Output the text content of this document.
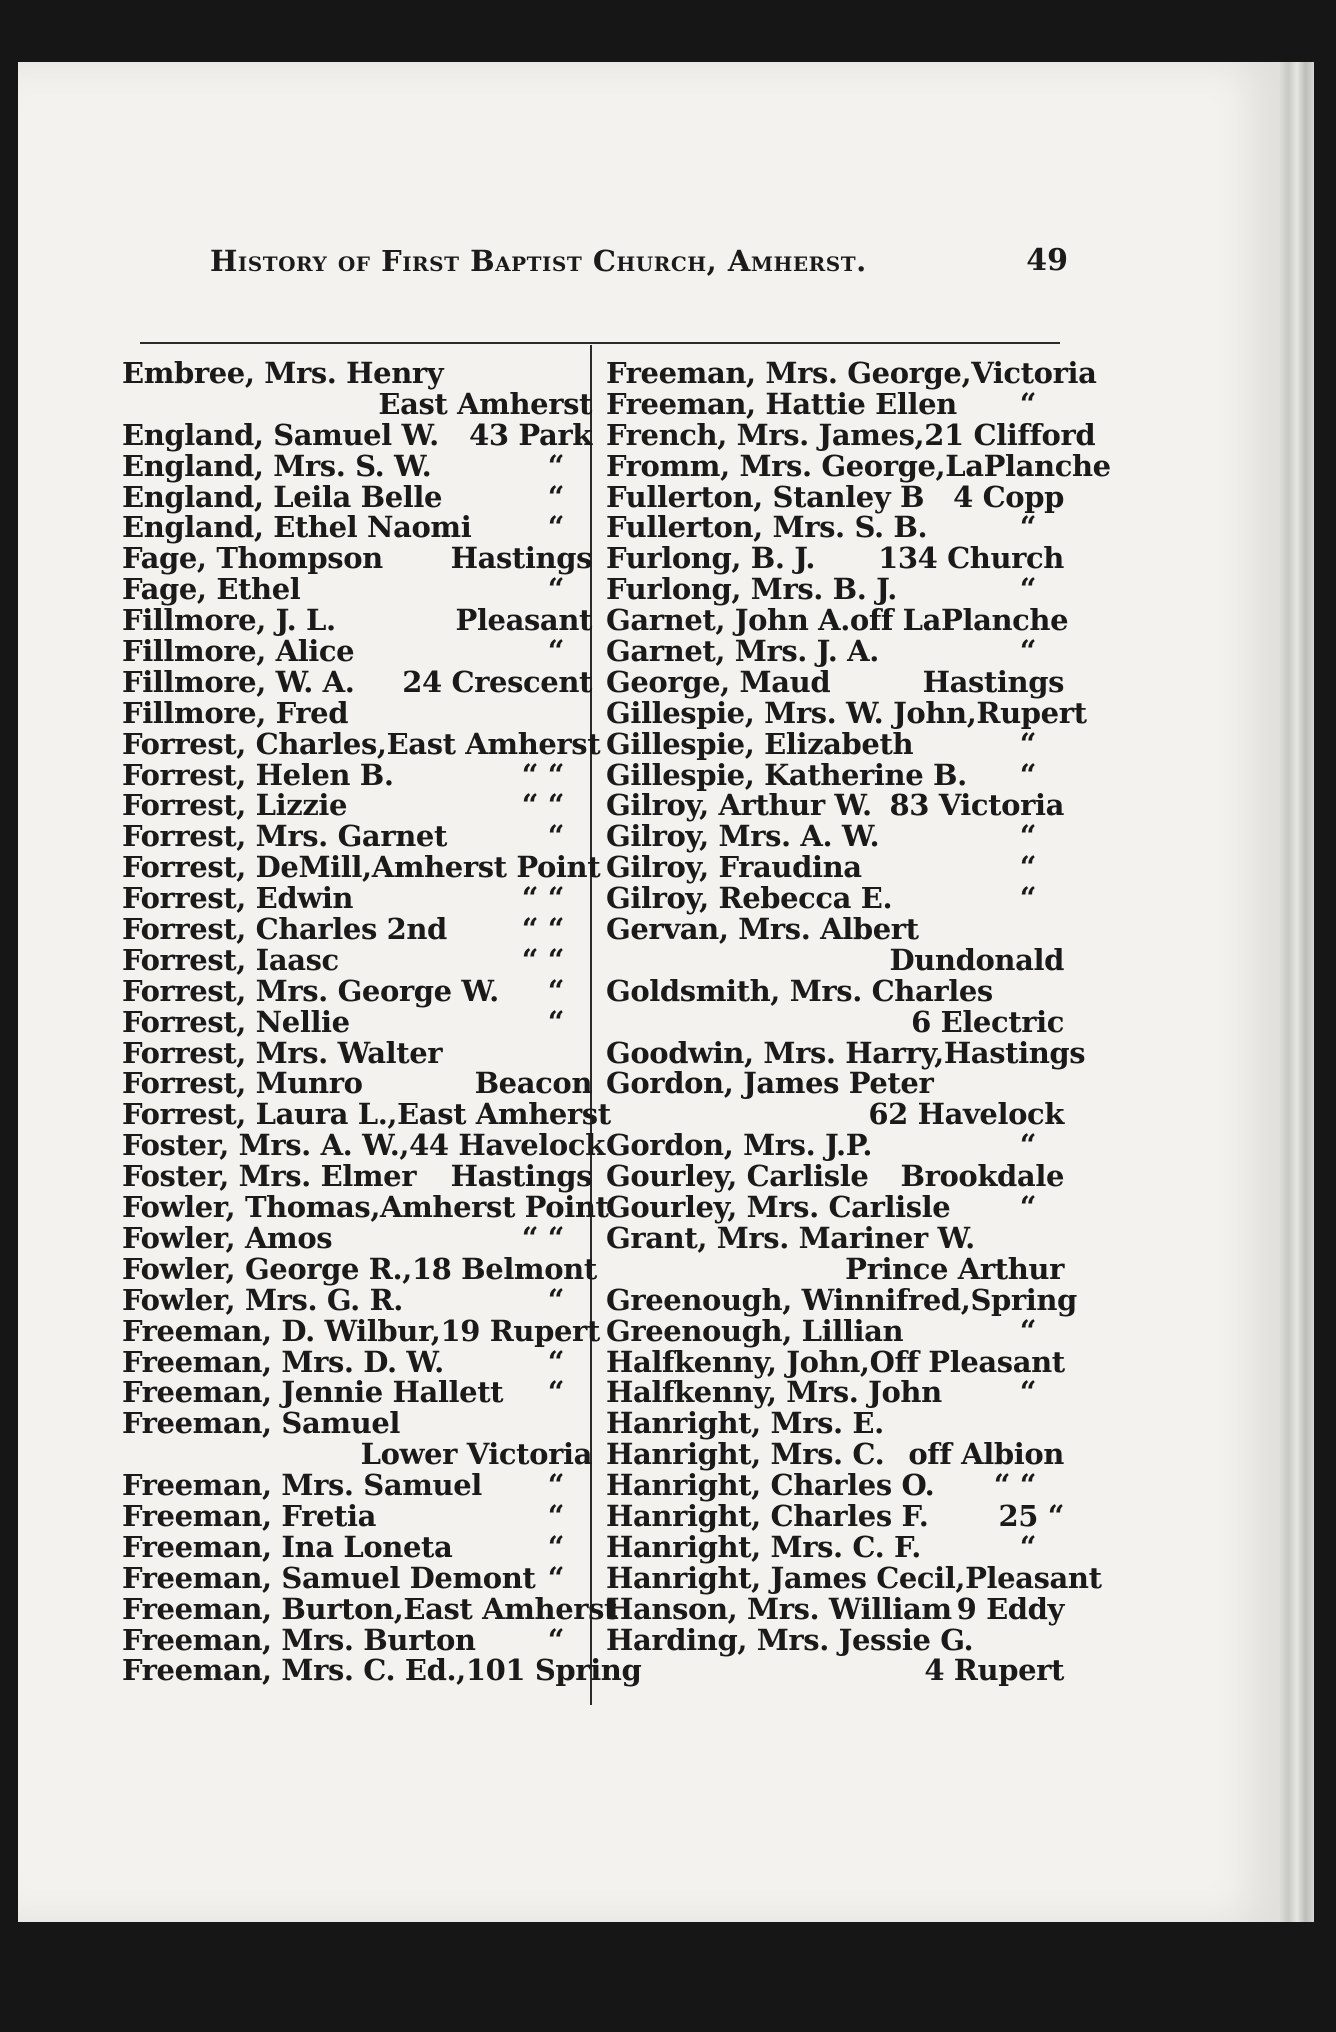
History of First Baptist Church, Amherst.	49
Embree, Mrs. Henry
East Amherst
England, Samuel W. 43 Park
England, Mrs. S. W.	“
England, Leila Belle	“
England, Ethel Naomi	“
Fage, Thompson Hastings
Fage, Ethel	“
Fillmore, J. L.	Pleasant
Fillmore, Alice	“
Fillmore, W. A. 24 Crescent
Fillmore, Fred
Forrest, Charles, East Amherst
Forrest, Helen B.	“ “
Forrest, Lizzie	“ “
Forrest, Mrs. Garnet	“
Forrest, DeMill, Amherst Point
Forrest, Edwin	“ “
Forrest, Charles 2nd	“ “
Forrest, Iaasc	“ “
Forrest, Mrs. George W. “
Forrest, Nellie	“
Forrest, Mrs. Walter
Forrest, Munro	Beacon
Forrest, Laura L., East Amherst
Foster, Mrs. A. W., 44 Havelock
Foster, Mrs. Elmer Hastings
Fowler, Thomas, Amherst Point
Fowler, Amos	“ “
Fowler, George R., 18 Belmont
Fowler, Mrs. G. R.	“
Freeman, D. Wilbur, 19 Rupert
Freeman, Mrs. D. W.	“
Freeman, Jennie Hallett “
Freeman, Samuel
Lower Victoria
Freeman, Mrs. Samuel “
Freeman, Fretia	“
Freeman, Ina Loneta	“
Freeman, Samuel Demont “
Freeman, Burton, East Amherst
Freeman, Mrs. Burton “
Freeman, Mrs. C. Ed., 101 Spring
Freeman, Mrs. George, Victoria
Freeman, Hattie Ellen “
French, Mrs. James, 21 Clifford
Fromm, Mrs. George, LaPlanche
Fullerton, Stanley B 4 Copp
Fullerton, Mrs. S. B.	“
Furlong, B. J. 134 Church
Furlong, Mrs. B. J.	“
Garnet, John A. off LaPlanche
Garnet, Mrs. J. A.	“
George, Maud	Hastings
Gillespie, Mrs. W. John, Rupert
Gillespie, Elizabeth	“
Gillespie, Katherine B. “
Gilroy, Arthur W. 83 Victoria
Gilroy, Mrs. A. W.	“
Gilroy, Fraudina	“
Gilroy, Rebecca E.	“
Gervan, Mrs. Albert
Dundonald
Goldsmith, Mrs. Charles
6 Electric
Goodwin, Mrs. Harry, Hastings
Gordon, James Peter
62 Havelock
Gordon, Mrs. J.P.	“
Gourley, Carlisle Brookdale
Gourley, Mrs. Carlisle “
Grant, Mrs. Mariner W.
Prince Arthur
Greenough, Winnifred, Spring
Greenough, Lillian	“
Halfkenny, John, Off Pleasant
Halfkenny, Mrs. John	“
Hanright, Mrs. E.
Hanright, Mrs. C. off Albion
Hanright, Charles O. “ “
Hanright, Charles F. 25 “
Hanright, Mrs. C. F.	“
Hanright, James Cecil, Pleasant
Hanson, Mrs. William 9 Eddy
Harding, Mrs. Jessie G.
4 Rupert
